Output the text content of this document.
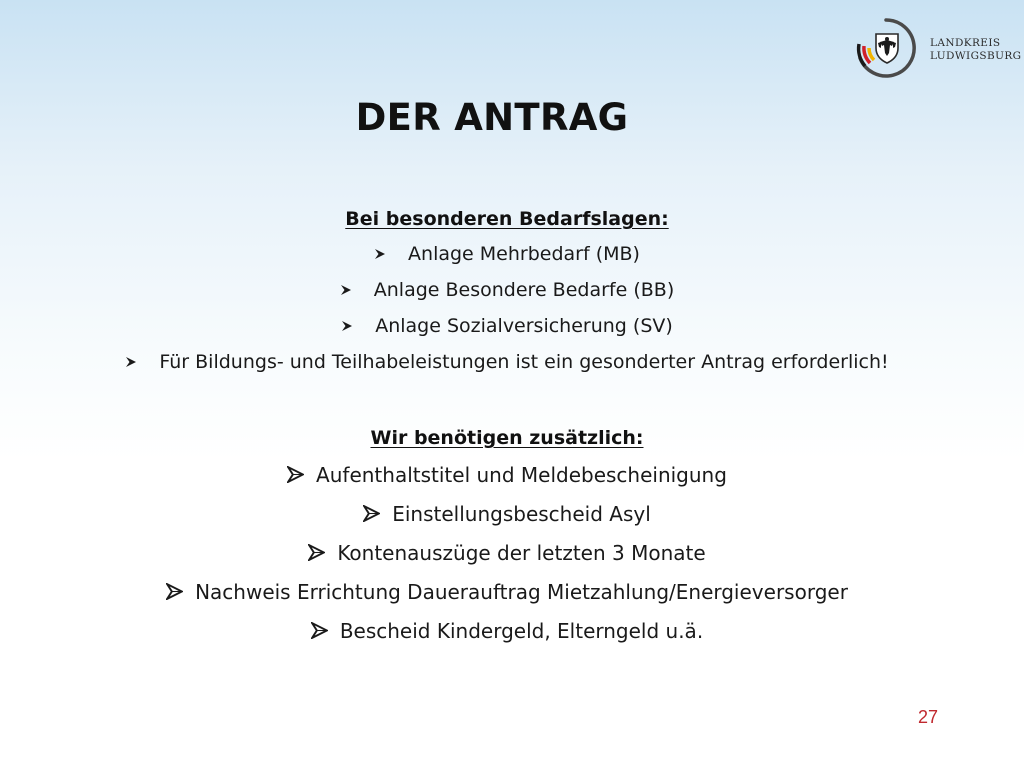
LANDKREIS
LUDWIGSBURG
DER ANTRAG
Bei besonderen Bedarfslagen:
Anlage Mehrbedarf (MB)
Anlage Besondere Bedarfe (BB)
Anlage Sozialversicherung (SV)
Für Bildungs- und Teilhabeleistungen ist ein gesonderter Antrag erforderlich!
Wir benötigen zusätzlich:
Aufenthaltstitel und Meldebescheinigung
Einstellungsbescheid Asyl
Kontenauszüge der letzten 3 Monate
Nachweis Errichtung Dauerauftrag Mietzahlung/Energieversorger
Bescheid Kindergeld, Elterngeld u.ä.
27
